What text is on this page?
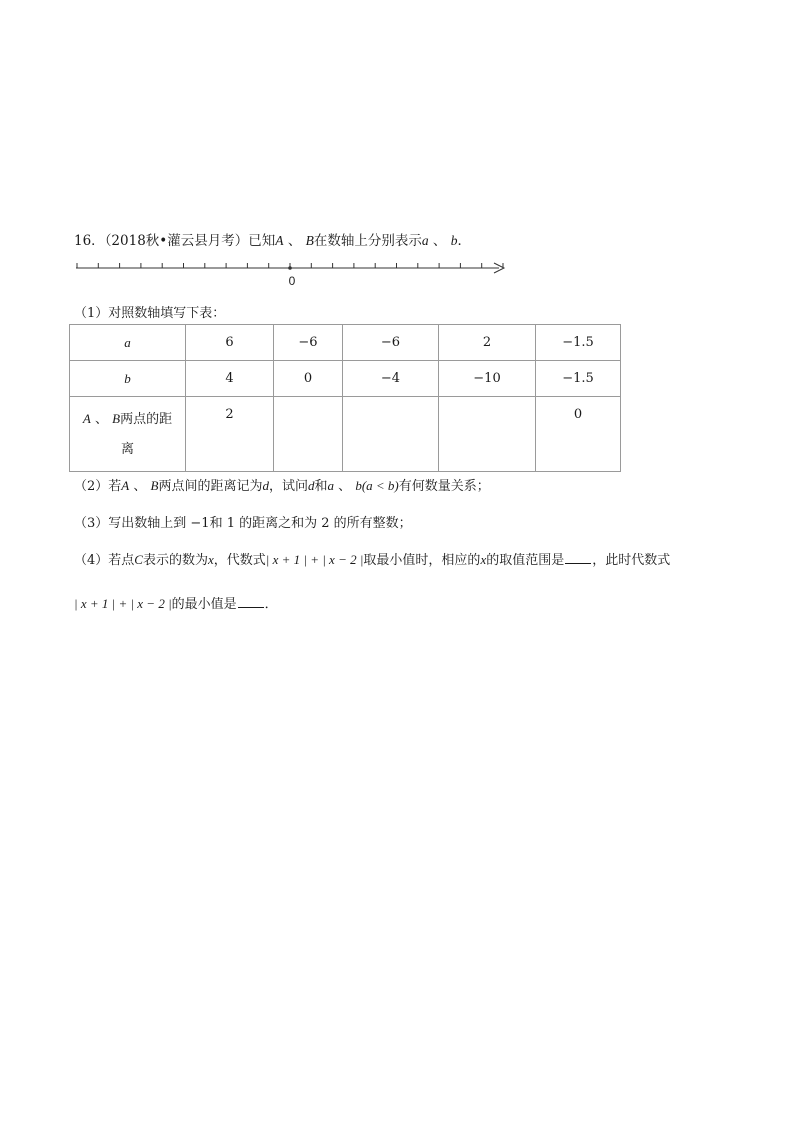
16．（2018秋•灌云县月考）已知A 、 B在数轴上分别表示a 、 b．
0
（1）对照数轴填写下表：
a	6	−6	−6	2	−1.5
b	4	0	−4	−10	−1.5

A 、 B两点的距
离	2				0
（2）若A 、 B两点间的距离记为d，试问d和a 、 b(a < b)有何数量关系；
（3）写出数轴上到 −1和 1 的距离之和为 2 的所有整数；
（4）若点C表示的数为x，代数式| x + 1 | + | x − 2 |取最小值时，相应的x的取值范围是 ，此时代数式
| x + 1 | + | x − 2 |的最小值是 ．
